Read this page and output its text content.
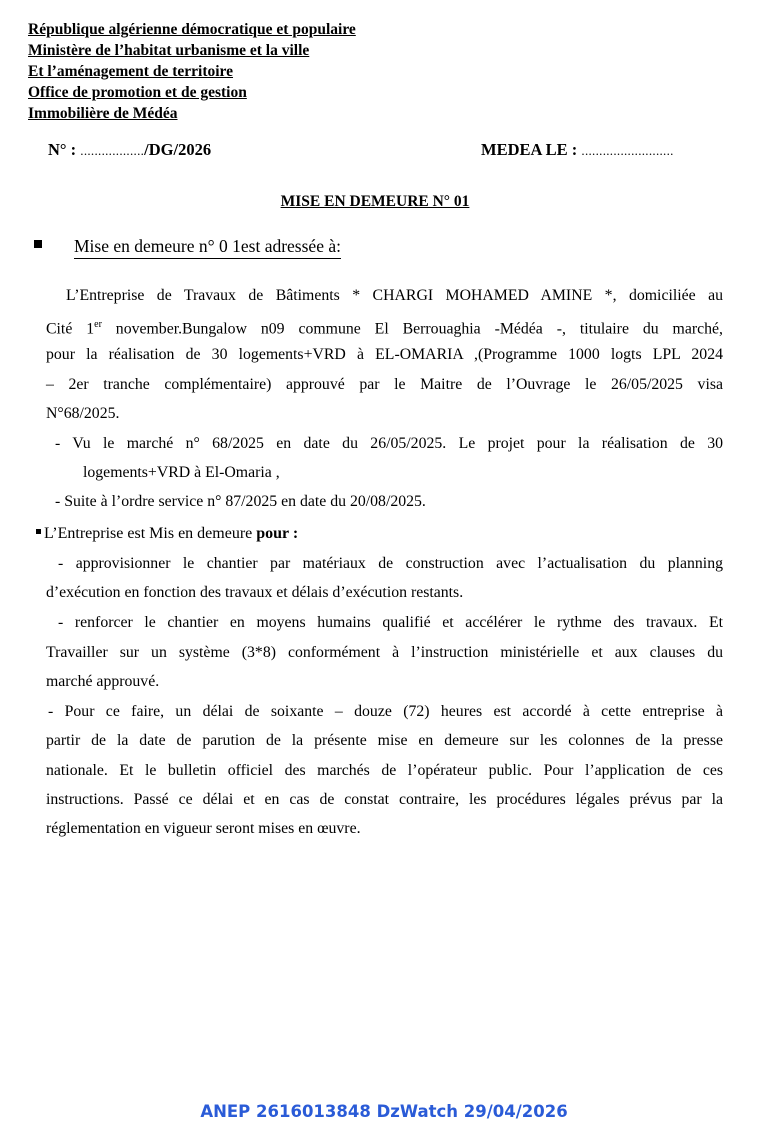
République algérienne démocratique et populaire
Ministère de l’habitat urbanisme et la ville
Et l’aménagement de territoire
Office de promotion et de gestion
Immobilière de Médéa
N° : ................../DG/2026	MEDEA LE : ..........................
MISE EN DEMEURE N° 01
Mise en demeure n° 0 1est adressée à:
L’Entreprise de Travaux de Bâtiments * CHARGI MOHAMED AMINE *, domiciliée au
Cité 1er november.Bungalow n09 commune El Berrouaghia -Médéa -, titulaire du marché,
pour la réalisation de 30 logements+VRD à EL-OMARIA ,(Programme 1000 logts LPL 2024
– 2er tranche complémentaire) approuvé par le Maitre de l’Ouvrage le 26/05/2025 visa
N°68/2025.
- Vu le marché n° 68/2025 en date du 26/05/2025. Le projet pour la réalisation de 30
logements+VRD à El-Omaria ,
- Suite à l’ordre service n° 87/2025 en date du 20/08/2025.
L’Entreprise est Mis en demeure pour :
- approvisionner le chantier par matériaux de construction avec l’actualisation du planning
d’exécution en fonction des travaux et délais d’exécution restants.
- renforcer le chantier en moyens humains qualifié et accélérer le rythme des travaux. Et
Travailler sur un système (3*8) conformément à l’instruction ministérielle et aux clauses du
marché approuvé.
- Pour ce faire, un délai de soixante – douze (72) heures est accordé à cette entreprise à
partir de la date de parution de la présente mise en demeure sur les colonnes de la presse
nationale. Et le bulletin officiel des marchés de l’opérateur public. Pour l’application de ces
instructions. Passé ce délai et en cas de constat contraire, les procédures légales prévus par la
réglementation en vigueur seront mises en œuvre.
ANEP 2616013848 DzWatch 29/04/2026
